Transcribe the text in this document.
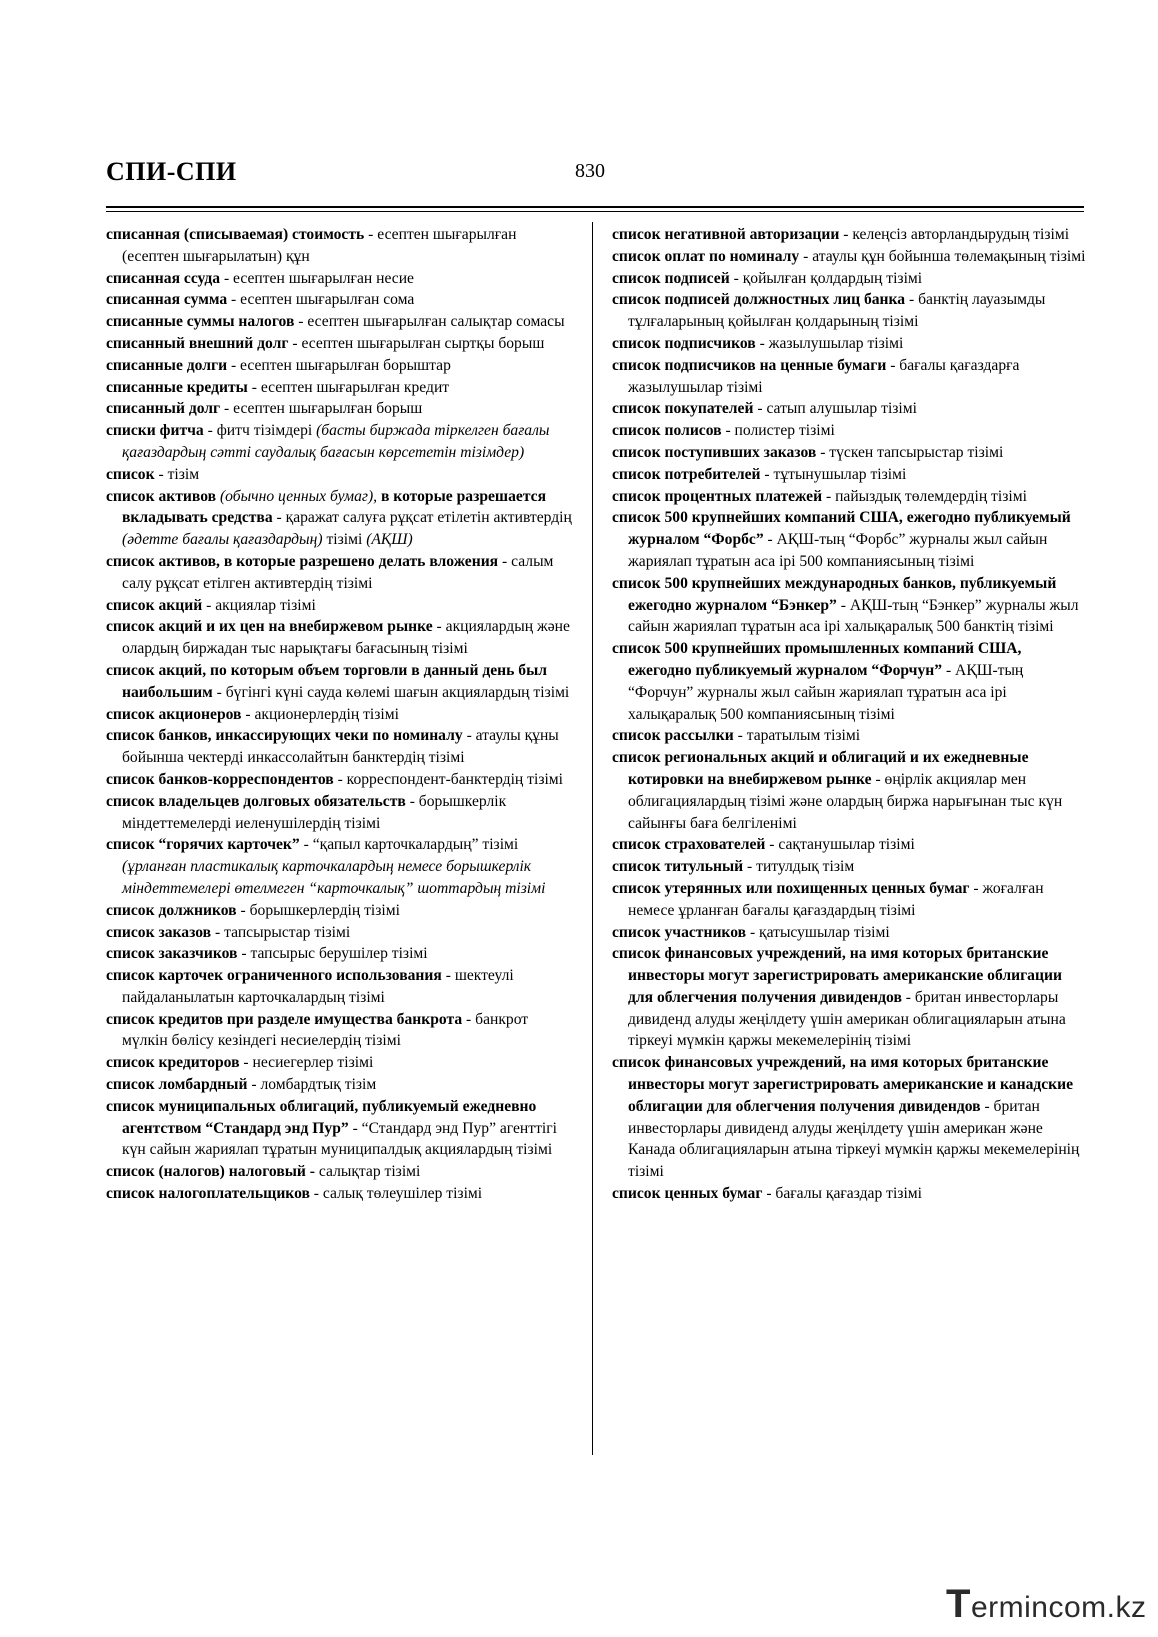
СПИ-СПИ	830

списанная (списываемая) стоимость - есептен шығарылған (есептен шығарылатын) құн

списанная ссуда - есептен шығарылған несие

списанная сумма - есептен шығарылған сома

списанные суммы налогов - есептен шығарылған салықтар сомасы

списанный внешний долг - есептен шығарылған сыртқы борыш

списанные долги - есептен шығарылған борыштар

списанные кредиты - есептен шығарылған кредит

списанный долг - есептен шығарылған борыш

списки фитча - фитч тізімдері (басты биржада тіркелген бағалы қағаздардың сәтті саудалық бағасын көрсететін тізімдер)

список - тізім

список активов (обычно ценных бумаг), в которые разрешается вкладывать средства - қаражат салуға рұқсат етілетін активтердің (әдетте бағалы қағаздардың) тізімі (АҚШ)

список активов, в которые разрешено делать вложения - салым салу рұқсат етілген активтердің тізімі

список акций - акциялар тізімі

список акций и их цен на внебиржевом рынке - акциялардың және олардың биржадан тыс нарықтағы бағасының тізімі

список акций, по которым объем торговли в данный день был наибольшим - бүгінгі күні сауда көлемі шағын акциялардың тізімі

список акционеров - акционерлердің тізімі

список банков, инкассирующих чеки по номиналу - атаулы құны бойынша чектерді инкассолайтын банктердің тізімі

список банков-корреспондентов - корреспондент-банктердің тізімі

список владельцев долговых обязательств - борышкерлік міндеттемелерді иеленушілердің тізімі

список “горячих карточек” - “қапыл карточкалардың” тізімі (ұрланған пластикалық карточкалардың немесе борышкерлік міндеттемелері өтелмеген “карточкалық” шоттардың тізімі

список должников - борышкерлердің тізімі

список заказов - тапсырыстар тізімі

список заказчиков - тапсырыс берушілер тізімі

список карточек ограниченного использования - шектеулі пайдаланылатын карточкалардың тізімі

список кредитов при разделе имущества банкрота - банкрот мүлкін бөлісу кезіндегі несиелердің тізімі

список кредиторов - несиегерлер тізімі

список ломбардный - ломбардтық тізім

список муниципальных облигаций, публикуемый ежедневно агентством “Стандард энд Пур” - “Стандард энд Пур” агенттігі күн сайын жариялап тұратын муниципалдық акциялардың тізімі

список (налогов) налоговый - салықтар тізімі

список налогоплательщиков - салық төлеушілер тізімі

список негативной авторизации - келеңсіз авторландырудың тізімі

список оплат по номиналу - атаулы құн бойынша төлемақының тізімі

список подписей - қойылған қолдардың тізімі

список подписей должностных лиц банка - банктің лауазымды тұлғаларының қойылған қолдарының тізімі

список подписчиков - жазылушылар тізімі

список подписчиков на ценные бумаги - бағалы қағаздарға жазылушылар тізімі

список покупателей - сатып алушылар тізімі

список полисов - полистер тізімі

список поступивших заказов - түскен тапсырыстар тізімі

список потребителей - тұтынушылар тізімі

список процентных платежей - пайыздық төлемдердің тізімі

список 500 крупнейших компаний США, ежегодно публикуемый журналом “Форбс” - АҚШ-тың “Форбс” журналы жыл сайын жариялап тұратын аса ірі 500 компаниясының тізімі

список 500 крупнейших международных банков, публикуемый ежегодно журналом “Бэнкер” - АҚШ-тың “Бэнкер” журналы жыл сайын жариялап тұратын аса ірі халықаралық 500 банктің тізімі

список 500 крупнейших промышленных компаний США, ежегодно публикуемый журналом “Форчун” - АҚШ-тың “Форчун” журналы жыл сайын жариялап тұратын аса ірі халықаралық 500 компаниясының тізімі

список рассылки - таратылым тізімі

список региональных акций и облигаций и их ежедневные котировки на внебиржевом рынке - өңірлік акциялар мен облигациялардың тізімі және олардың биржа нарығынан тыс күн сайынғы баға белгіленімі

список страхователей - сақтанушылар тізімі

список титульный - титулдық тізім

список утерянных или похищенных ценных бумаг - жоғалған немесе ұрланған бағалы қағаздардың тізімі

список участников - қатысушылар тізімі

список финансовых учреждений, на имя которых британские инвесторы могут зарегистрировать американские облигации для облегчения получения дивидендов - британ инвесторлары дивиденд алуды жеңілдету үшін американ облигацияларын атына тіркеуі мүмкін қаржы мекемелерінің тізімі

список финансовых учреждений, на имя которых британские инвесторы могут зарегистрировать американские и канадские облигации для облегчения получения дивидендов - британ инвесторлары дивиденд алуды жеңілдету үшін американ және Канада облигацияларын атына тіркеуі мүмкін қаржы мекемелерінің тізімі

список ценных бумаг - бағалы қағаздар тізімі

Termincom.kz
